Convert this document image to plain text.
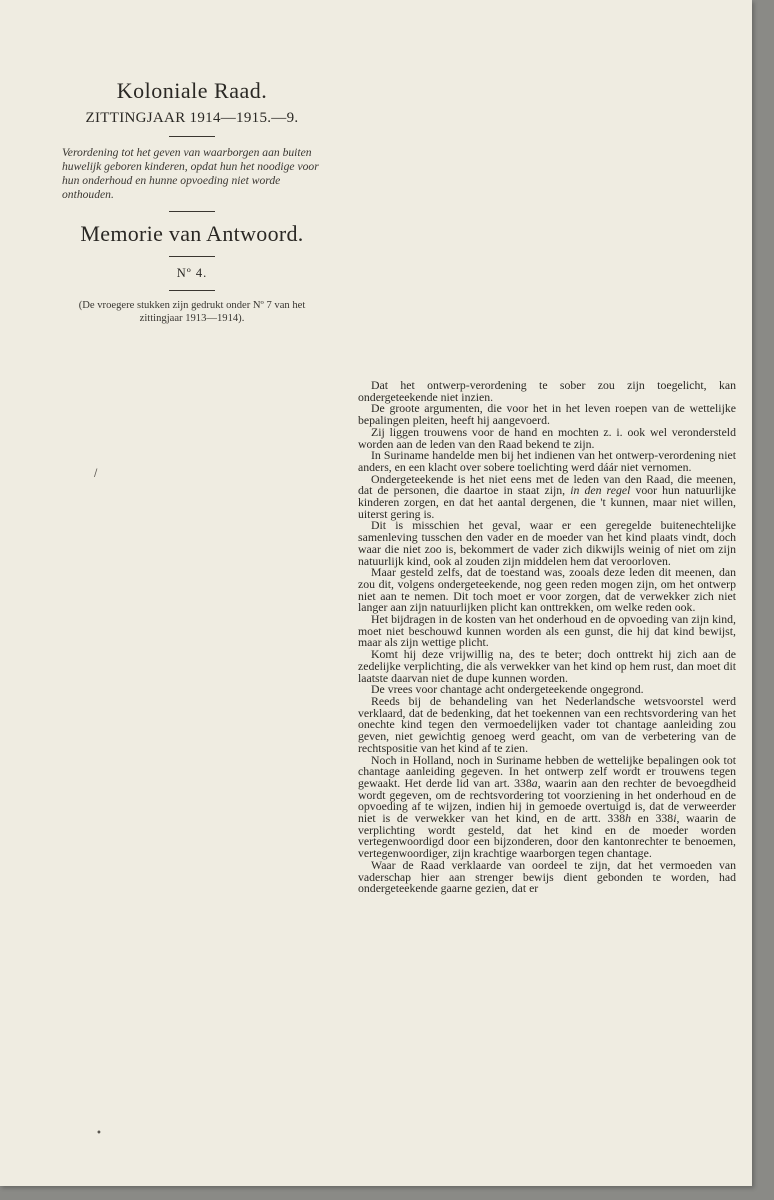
Koloniale Raad.
ZITTINGJAAR 1914—1915.—9.
Verordening tot het geven van waarborgen aan buiten huwelijk geboren kinderen, opdat hun het noodige voor hun onderhoud en hunne opvoeding niet worde onthouden.
Memorie van Antwoord.
Nº 4.
(De vroegere stukken zijn gedrukt onder Nº 7 van het zittingjaar 1913—1914).

Dat het ontwerp-verordening te sober zou zijn toegelicht, kan ondergeteekende niet inzien.

De groote argumenten, die voor het in het leven roepen van de wettelijke bepalingen pleiten, heeft hij aangevoerd.

Zij liggen trouwens voor de hand en mochten z. i. ook wel verondersteld worden aan de leden van den Raad bekend te zijn.

In Suriname handelde men bij het indienen van het ontwerp-verordening niet anders, en een klacht over sobere toelichting werd dáár niet vernomen.

Ondergeteekende is het niet eens met de leden van den Raad, die meenen, dat de personen, die daartoe in staat zijn, in den regel voor hun natuurlijke kinderen zorgen, en dat het aantal dergenen, die 't kunnen, maar niet willen, uiterst gering is.

Dit is misschien het geval, waar er een geregelde buitenechtelijke samenleving tusschen den vader en de moeder van het kind plaats vindt, doch waar die niet zoo is, bekommert de vader zich dikwijls weinig of niet om zijn natuurlijk kind, ook al zouden zijn middelen hem dat veroorloven.

Maar gesteld zelfs, dat de toestand was, zooals deze leden dit meenen, dan zou dit, volgens ondergeteekende, nog geen reden mogen zijn, om het ontwerp niet aan te nemen. Dit toch moet er voor zorgen, dat de verwekker zich niet langer aan zijn natuurlijken plicht kan onttrekken, om welke reden ook.

Het bijdragen in de kosten van het onderhoud en de opvoeding van zijn kind, moet niet beschouwd kunnen worden als een gunst, die hij dat kind bewijst, maar als zijn wettige plicht.

Komt hij deze vrijwillig na, des te beter; doch onttrekt hij zich aan de zedelijke verplichting, die als verwekker van het kind op hem rust, dan moet dit laatste daarvan niet de dupe kunnen worden.

De vrees voor chantage acht ondergeteekende ongegrond.

Reeds bij de behandeling van het Nederlandsche wetsvoorstel werd verklaard, dat de bedenking, dat het toekennen van een rechtsvordering van het onechte kind tegen den vermoedelijken vader tot chantage aanleiding zou geven, niet gewichtig genoeg werd geacht, om van de verbetering van de rechtspositie van het kind af te zien.

Noch in Holland, noch in Suriname hebben de wettelijke bepalingen ook tot chantage aanleiding gegeven. In het ontwerp zelf wordt er trouwens tegen gewaakt. Het derde lid van art. 338a, waarin aan den rechter de bevoegdheid wordt gegeven, om de rechtsvordering tot voorziening in het onderhoud en de opvoeding af te wijzen, indien hij in gemoede overtuigd is, dat de verweerder niet is de verwekker van het kind, en de artt. 338h en 338i, waarin de verplichting wordt gesteld, dat het kind en de moeder worden vertegenwoordigd door een bijzonderen, door den kantonrechter te benoemen, vertegenwoordiger, zijn krachtige waarborgen tegen chantage.

Waar de Raad verklaarde van oordeel te zijn, dat het vermoeden van vaderschap hier aan strenger bewijs dient gebonden te worden, had ondergeteekende gaarne gezien, dat er

/
•
